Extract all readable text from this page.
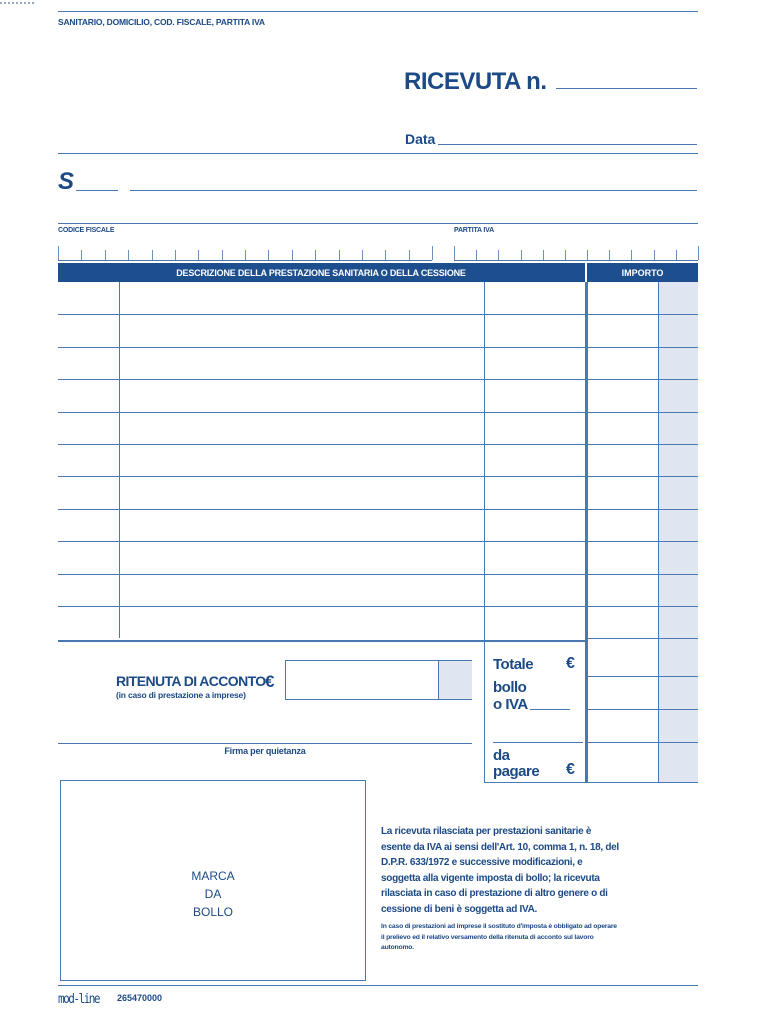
SANITARIO, DOMICILIO, COD. FISCALE, PARTITA IVA
RICEVUTA n.
Data
S
CODICE FISCALE	PARTITA IVA
DESCRIZIONE DELLA PRESTAZIONE SANITARIA O DELLA CESSIONE	IMPORTO
Totale €
bollo
o IVA
da
pagare €
RITENUTA DI ACCONTO €
(in caso di prestazione a imprese)
Firma per quietanza
MARCA
DA
BOLLO
La ricevuta rilasciata per prestazioni sanitarie è esente da IVA ai sensi dell'Art. 10, comma 1, n. 18, del D.P.R. 633/1972 e successive modificazioni, e soggetta alla vigente imposta di bollo; la ricevuta rilasciata in caso di prestazione di altro genere o di cessione di beni è soggetta ad IVA.
In caso di prestazioni ad imprese il sostituto d'imposta è obbligato ad operare il prelievo ed il relativo versamento della ritenuta di acconto sul lavoro autonomo.
mod-line 265470000
